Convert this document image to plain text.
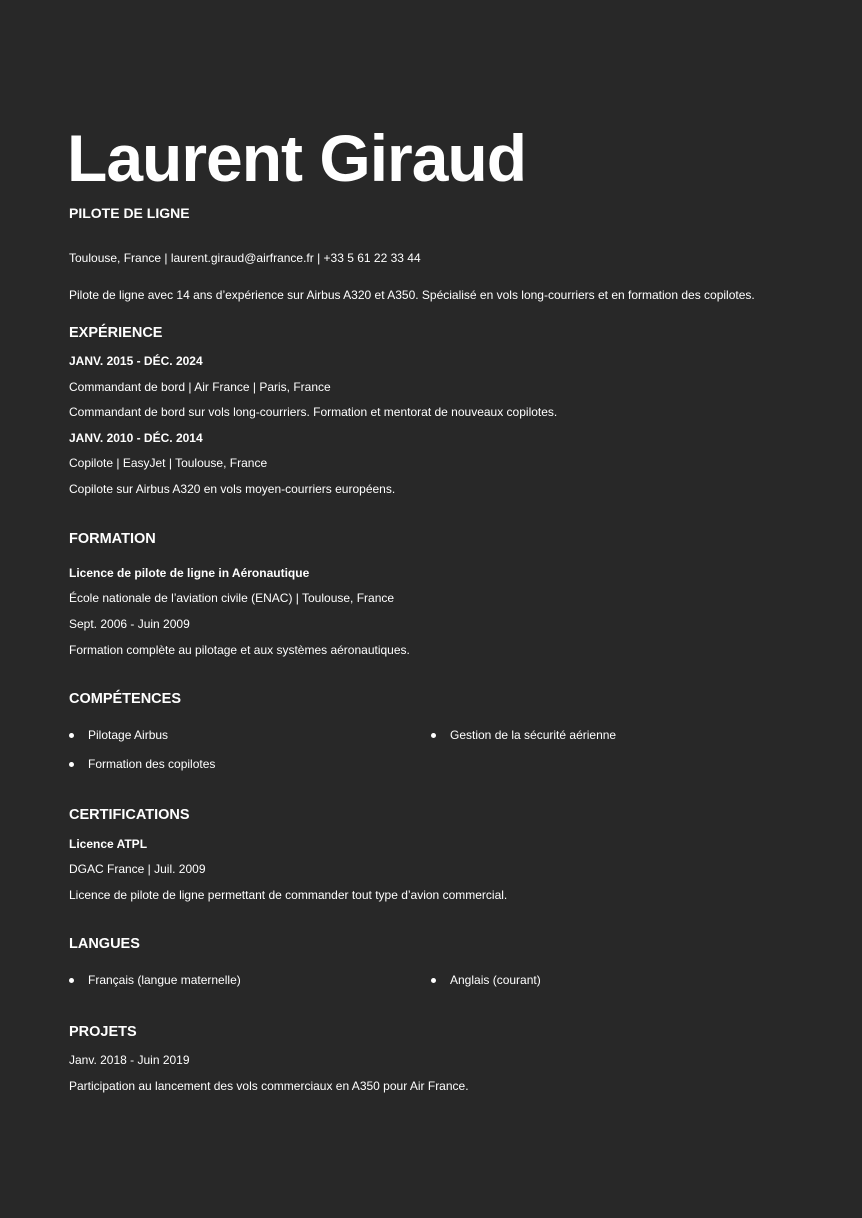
Laurent Giraud
PILOTE DE LIGNE
Toulouse, France | laurent.giraud@airfrance.fr | +33 5 61 22 33 44
Pilote de ligne avec 14 ans d’expérience sur Airbus A320 et A350. Spécialisé en vols long-courriers et en formation des copilotes.
EXPÉRIENCE
JANV. 2015 - DÉC. 2024
Commandant de bord | Air France | Paris, France
Commandant de bord sur vols long-courriers. Formation et mentorat de nouveaux copilotes.
JANV. 2010 - DÉC. 2014
Copilote | EasyJet | Toulouse, France
Copilote sur Airbus A320 en vols moyen-courriers européens.
FORMATION
Licence de pilote de ligne in Aéronautique
École nationale de l’aviation civile (ENAC) | Toulouse, France
Sept. 2006 - Juin 2009
Formation complète au pilotage et aux systèmes aéronautiques.
COMPÉTENCES
Pilotage Airbus	Gestion de la sécurité aérienne
Formation des copilotes
CERTIFICATIONS
Licence ATPL
DGAC France | Juil. 2009
Licence de pilote de ligne permettant de commander tout type d’avion commercial.
LANGUES
Français (langue maternelle)	Anglais (courant)
PROJETS
Janv. 2018 - Juin 2019
Participation au lancement des vols commerciaux en A350 pour Air France.
